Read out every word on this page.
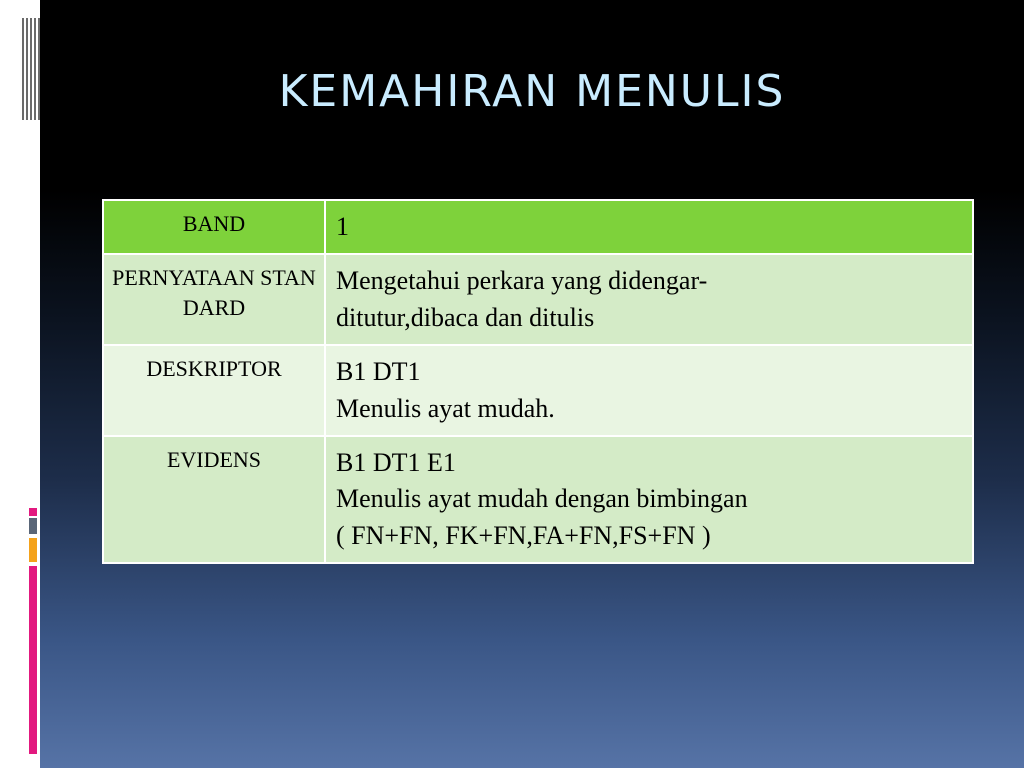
KEMAHIRAN MENULIS
BAND	1
PERNYATAAN STANDARD	Mengetahui perkara yang didengar-
ditutur,dibaca dan ditulis

DESKRIPTOR	B1 DT1
Menulis ayat mudah.

EVIDENS	B1 DT1 E1
Menulis ayat mudah dengan bimbingan
( FN+FN, FK+FN,FA+FN,FS+FN )
